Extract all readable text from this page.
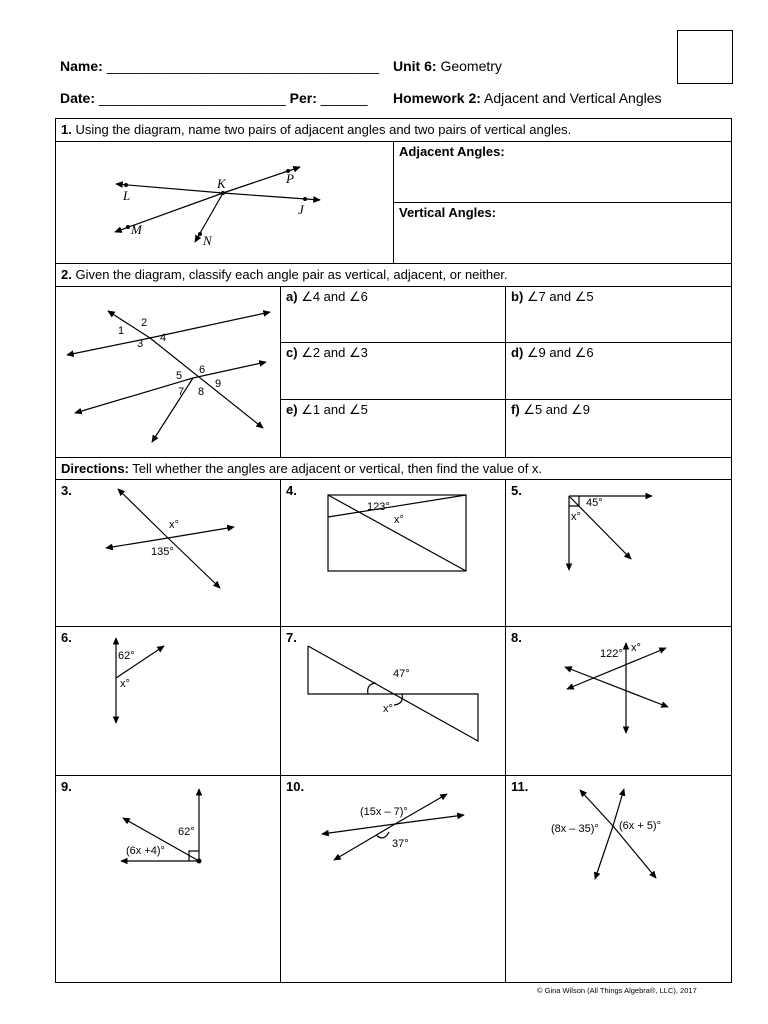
Name: ___________________________________
Date: ________________________ Per: ______
Unit 6: Geometry
Homework 2: Adjacent and Vertical Angles
1. Using the diagram, name two pairs of adjacent angles and two pairs of vertical angles.
Adjacent Angles:
Vertical Angles:
L
K	P
J
M
N
2. Given the diagram, classify each angle pair as vertical, adjacent, or neither.
1
2
3 4
5 6
7 8
9
a) ∠4 and ∠6	b) ∠7 and ∠5
c) ∠2 and ∠3	d) ∠9 and ∠6
e) ∠1 and ∠5	f) ∠5 and ∠9
Directions: Tell whether the angles are adjacent or vertical, then find the value of x.
3.	4.	5.
6.	7.	8.
9.	10.	11.
x°
135°
123°
x°
45°
x°
62°
x°
47°
x°
122° x°
62°
(6x +4)°
(15x – 7)°
37°
(8x – 35)° (6x + 5)°
© Gina Wilson (All Things Algebra®, LLC), 2017
